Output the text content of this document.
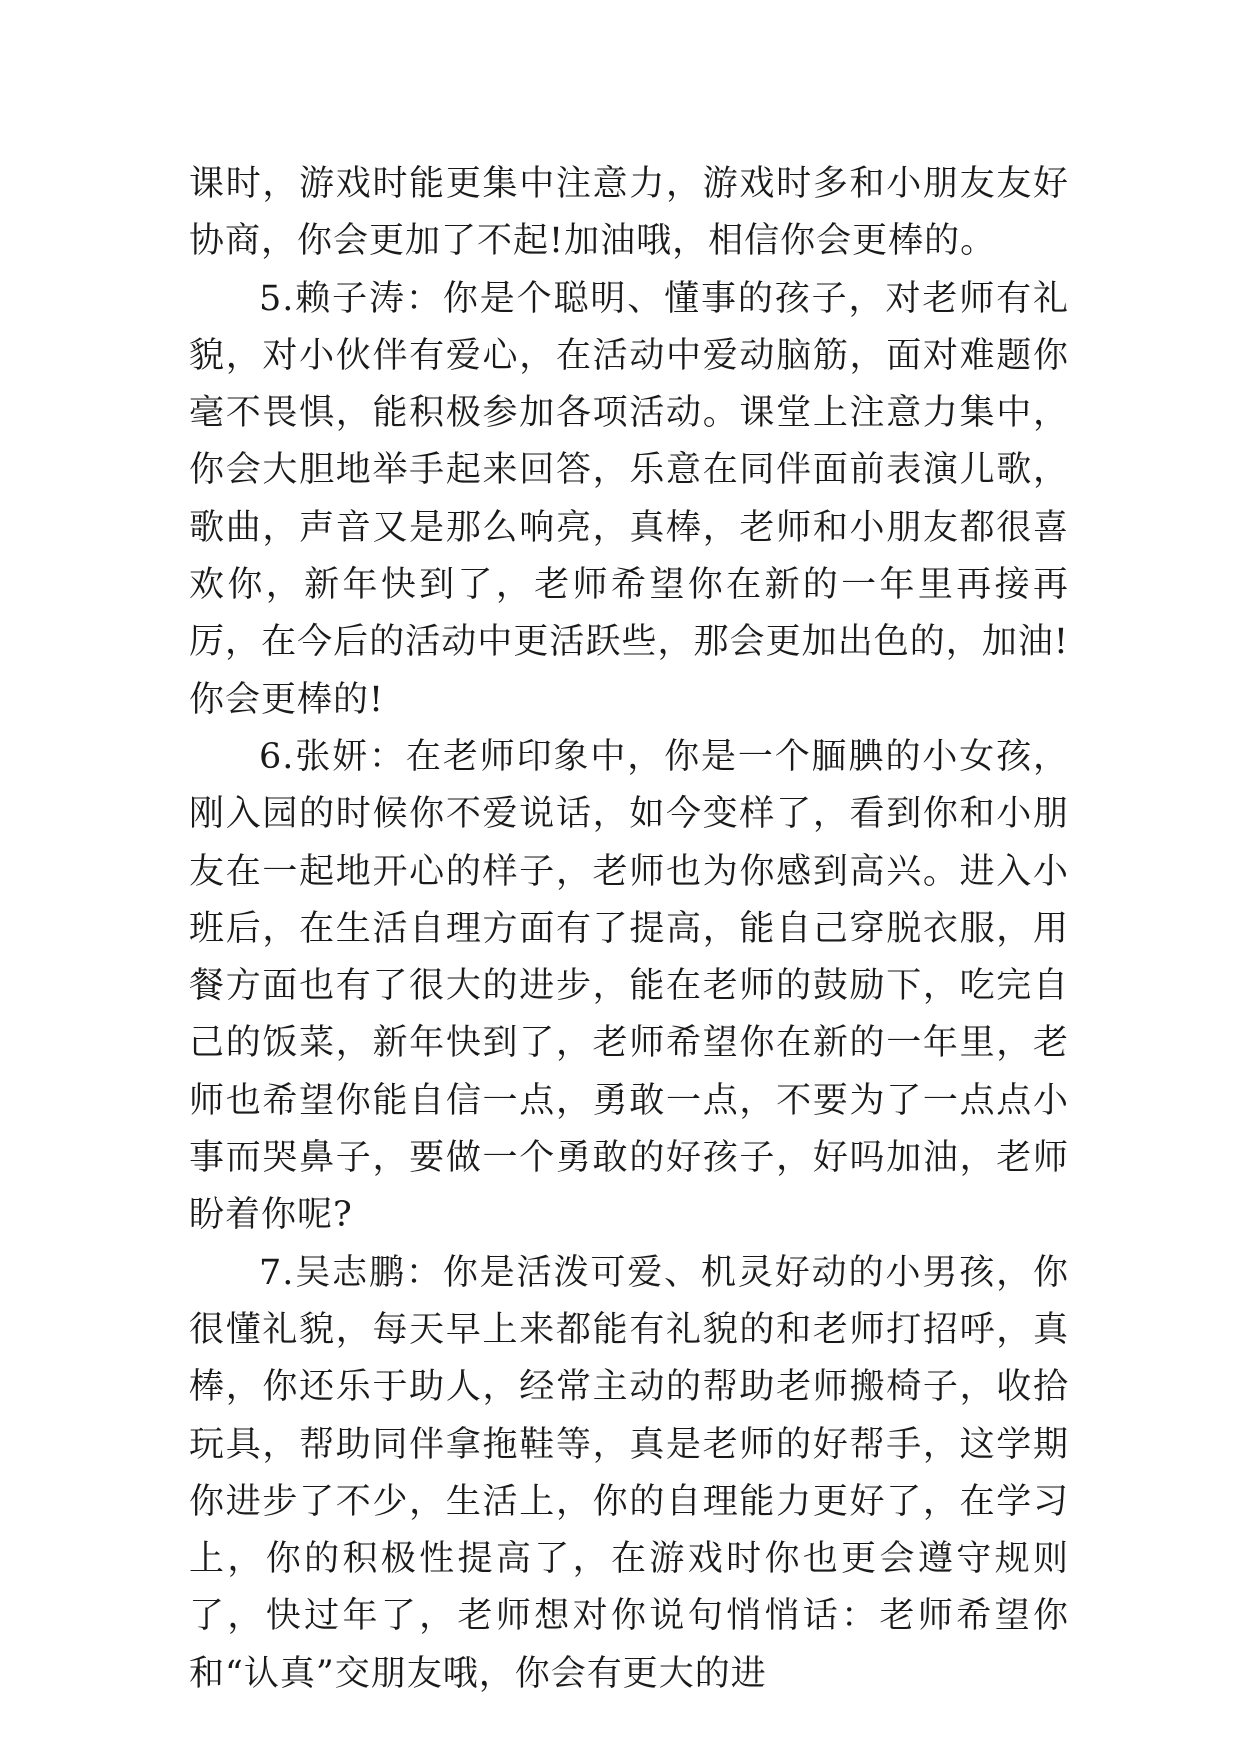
课时，游戏时能更集中注意力，游戏时多和小朋友友好协商，你会更加了不起!加油哦，相信你会更棒的。

5.赖子涛：你是个聪明、懂事的孩子，对老师有礼貌，对小伙伴有爱心，在活动中爱动脑筋，面对难题你毫不畏惧，能积极参加各项活动。课堂上注意力集中，你会大胆地举手起来回答，乐意在同伴面前表演儿歌，歌曲，声音又是那么响亮，真棒，老师和小朋友都很喜欢你，新年快到了，老师希望你在新的一年里再接再厉，在今后的活动中更活跃些，那会更加出色的，加油!你会更棒的!

6.张妍：在老师印象中，你是一个腼腆的小女孩，刚入园的时候你不爱说话，如今变样了，看到你和小朋友在一起地开心的样子，老师也为你感到高兴。进入小班后，在生活自理方面有了提高，能自己穿脱衣服，用餐方面也有了很大的进步，能在老师的鼓励下，吃完自己的饭菜，新年快到了，老师希望你在新的一年里，老师也希望你能自信一点，勇敢一点，不要为了一点点小事而哭鼻子，要做一个勇敢的好孩子，好吗加油，老师盼着你呢?

7.吴志鹏：你是活泼可爱、机灵好动的小男孩，你很懂礼貌，每天早上来都能有礼貌的和老师打招呼，真棒，你还乐于助人，经常主动的帮助老师搬椅子，收拾玩具，帮助同伴拿拖鞋等，真是老师的好帮手，这学期你进步了不少，生活上，你的自理能力更好了，在学习上，你的积极性提高了，在游戏时你也更会遵守规则了，快过年了，老师想对你说句悄悄话：老师希望你和“认真”交朋友哦，你会有更大的进
